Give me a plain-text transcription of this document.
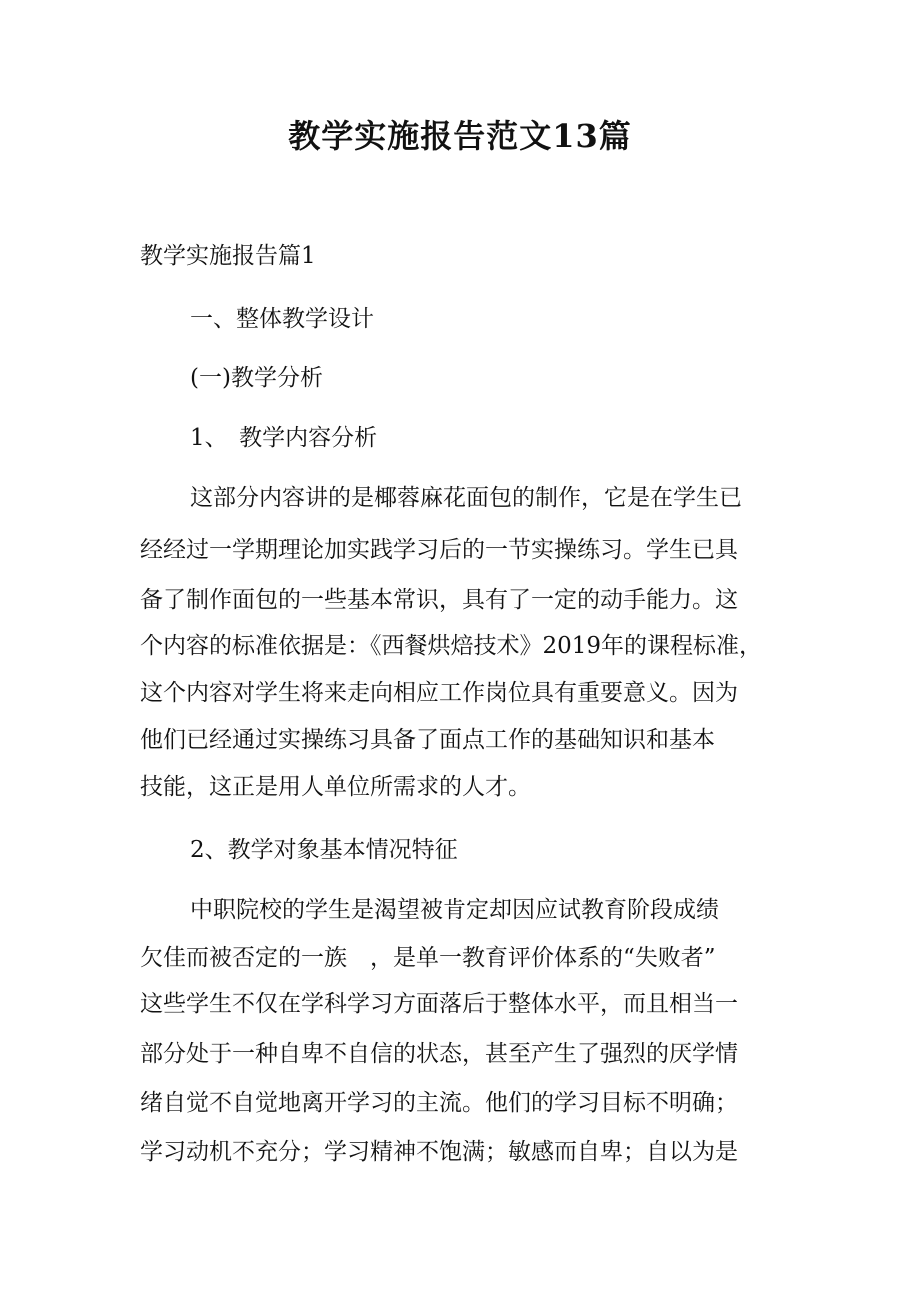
教学实施报告范文13篇

教学实施报告篇1

一、整体教学设计

(一)教学分析

1、　教学内容分析

这部分内容讲的是椰蓉麻花面包的制作，它是在学生已

经经过一学期理论加实践学习后的一节实操练习。学生已具

备了制作面包的一些基本常识，具有了一定的动手能力。这

个内容的标准依据是：《西餐烘焙技术》2019年的课程标准，

这个内容对学生将来走向相应工作岗位具有重要意义。因为

他们已经通过实操练习具备了面点工作的基础知识和基本

技能，这正是用人单位所需求的人才。

2、教学对象基本情况特征

中职院校的学生是渴望被肯定却因应试教育阶段成绩

欠佳而被否定的一族　，是单一教育评价体系的“失败者”

这些学生不仅在学科学习方面落后于整体水平，而且相当一

部分处于一种自卑不自信的状态，甚至产生了强烈的厌学情

绪自觉不自觉地离开学习的主流。他们的学习目标不明确；

学习动机不充分；学习精神不饱满；敏感而自卑；自以为是
